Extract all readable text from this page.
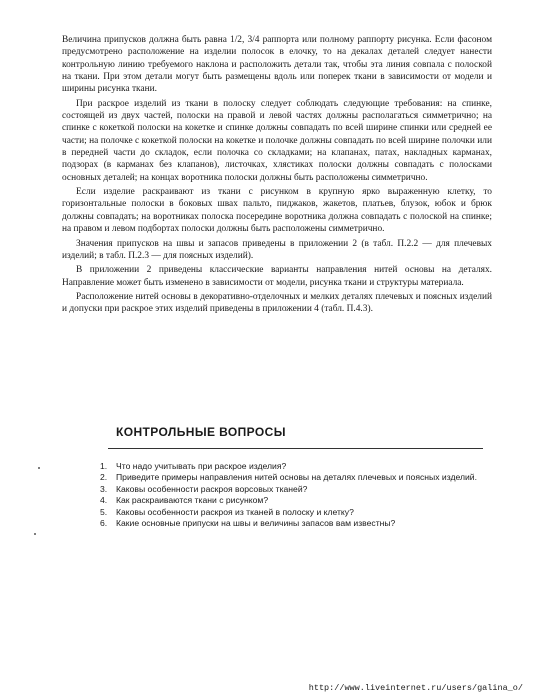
Величина припусков должна быть равна 1/2, 3/4 раппорта или полному раппорту рисунка. Если фасоном предусмотрено расположение на изделии полосок в елочку, то на декалах деталей следует нанести контрольную линию требуемого наклона и расположить детали так, чтобы эта линия совпала с полоской на ткани. При этом детали могут быть размещены вдоль или поперек ткани в зависимости от модели и ширины рисунка ткани.

При раскрое изделий из ткани в полоску следует соблюдать следующие требования: на спинке, состоящей из двух частей, полоски на правой и левой частях должны располагаться симметрично; на спинке с кокеткой полоски на кокетке и спинке должны совпадать по всей ширине спинки или средней ее части; на полочке с кокеткой полоски на кокетке и полочке должны совпадать по всей ширине полочки или в передней части до складок, если полочка со складками; на клапанах, патах, накладных карманах, подзорах (в карманах без клапанов), листочках, хлястиках полоски должны совпадать с полосками основных деталей; на концах воротника полоски должны быть расположены симметрично.

Если изделие раскраивают из ткани с рисунком в крупную ярко выраженную клетку, то горизонтальные полоски в боковых швах пальто, пиджаков, жакетов, платьев, блузок, юбок и брюк должны совпадать; на воротниках полоска посередине воротника должна совпадать с полоской на спинке; на правом и левом подбортах полоски должны быть расположены симметрично.

Значения припусков на швы и запасов приведены в приложении 2 (в табл. П.2.2 — для плечевых изделий; в табл. П.2.3 — для поясных изделий).

В приложении 2 приведены классические варианты направления нитей основы на деталях. Направление может быть изменено в зависимости от модели, рисунка ткани и структуры материала.

Расположение нитей основы в декоративно-отделочных и мелких деталях плечевых и поясных изделий и допуски при раскрое этих изделий приведены в приложении 4 (табл. П.4.3).

КОНТРОЛЬНЫЕ ВОПРОСЫ
1.	Что надо учитывать при раскрое изделия?
2.	Приведите примеры направления нитей основы на деталях плечевых и поясных изделий.
3.	Каковы особенности раскроя ворсовых тканей?
4.	Как раскраиваются ткани с рисунком?
5.	Каковы особенности раскроя из тканей в полоску и клетку?
6.	Какие основные припуски на швы и величины запасов вам известны?
http://www.liveinternet.ru/users/galina_o/
